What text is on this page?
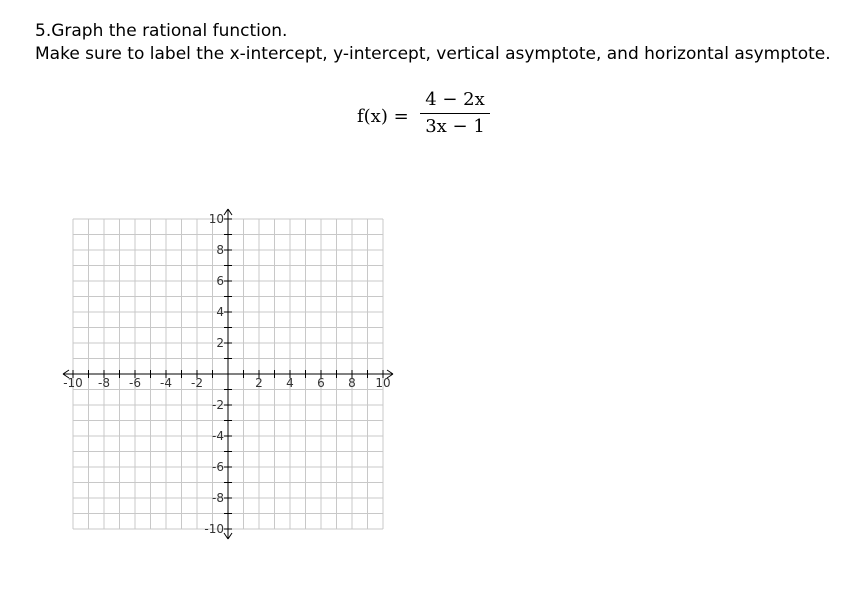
5.Graph the rational function.
Make sure to label the x-intercept, y-intercept, vertical asymptote, and horizontal asymptote.
f(x) =
4 − 2x
3x − 1
-10 -8 -6 -4 -2	2 4 6 8 10
10
8
6
4
2
-2
-4
-6
-8
-10
